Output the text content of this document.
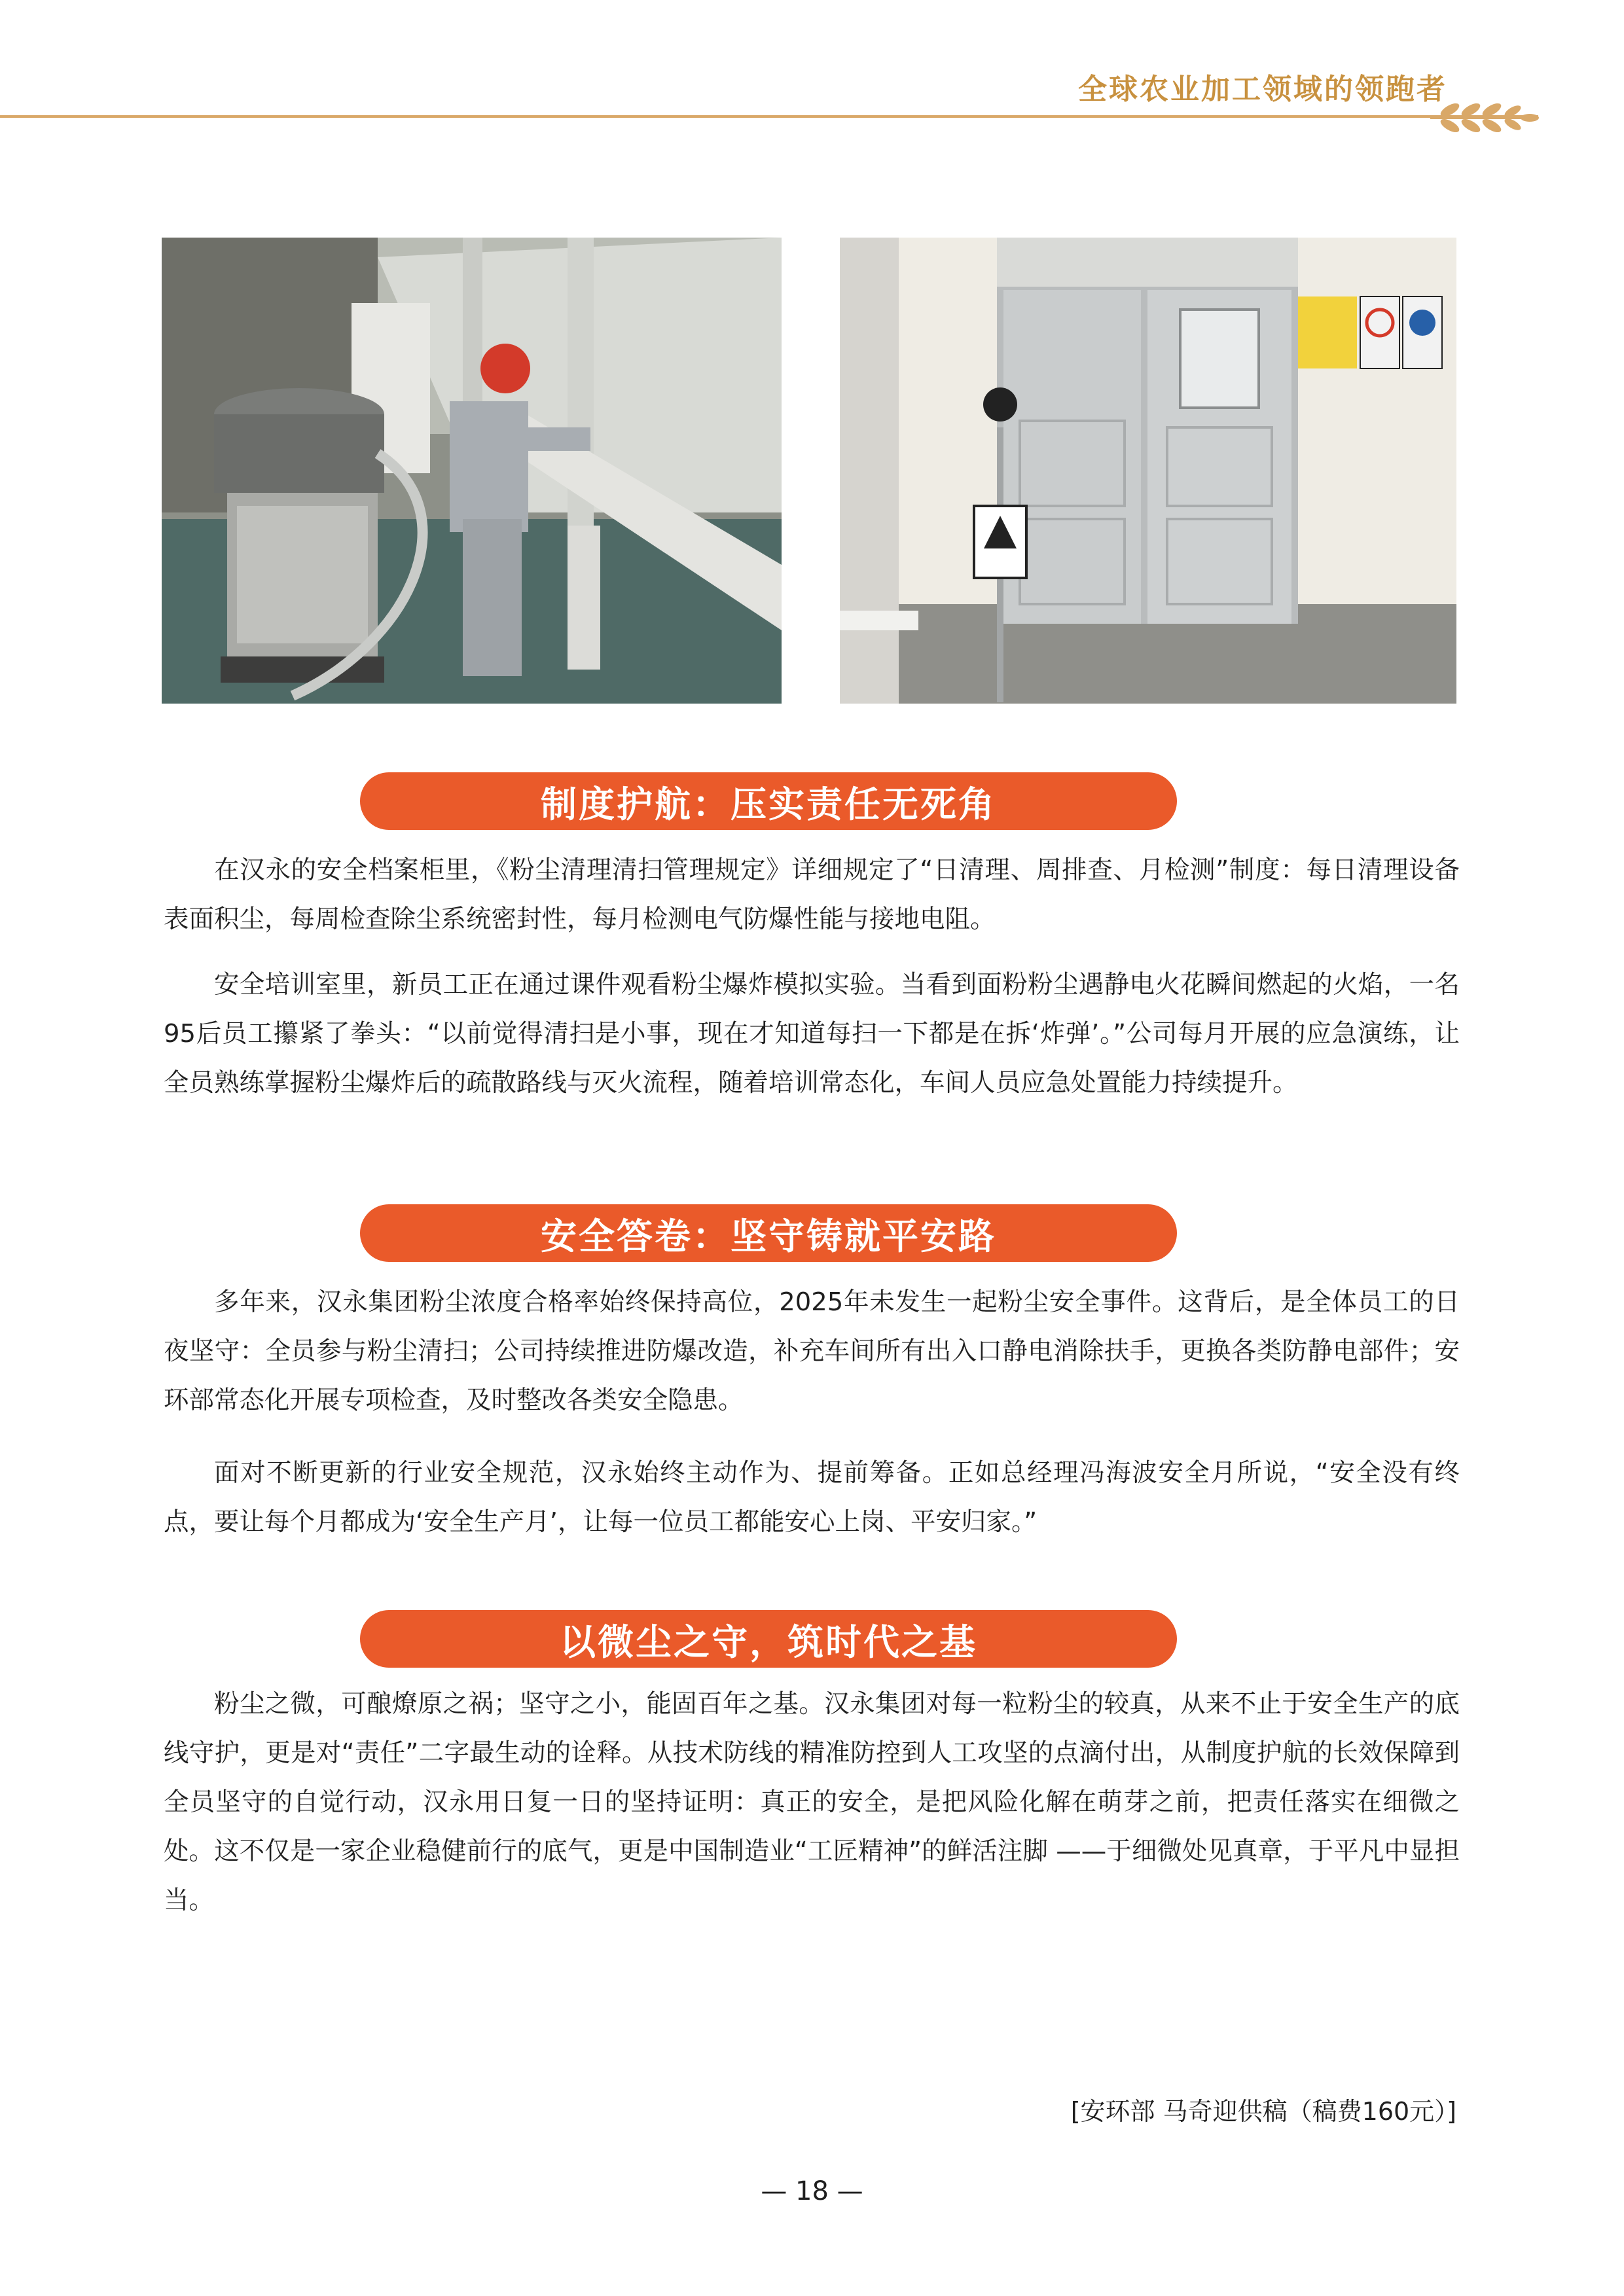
全球农业加工领域的领跑者
制度护航：压实责任无死角

在汉永的安全档案柜里，《粉尘清理清扫管理规定》详细规定了“日清理、周排查、月检测”制度：每日清理设备表面积尘，每周检查除尘系统密封性，每月检测电气防爆性能与接地电阻。

安全培训室里，新员工正在通过课件观看粉尘爆炸模拟实验。当看到面粉粉尘遇静电火花瞬间燃起的火焰，一名95后员工攥紧了拳头：“以前觉得清扫是小事，现在才知道每扫一下都是在拆‘炸弹’。”公司每月开展的应急演练，让全员熟练掌握粉尘爆炸后的疏散路线与灭火流程，随着培训常态化，车间人员应急处置能力持续提升。

安全答卷：坚守铸就平安路

多年来，汉永集团粉尘浓度合格率始终保持高位，2025年未发生一起粉尘安全事件。这背后，是全体员工的日夜坚守：全员参与粉尘清扫；公司持续推进防爆改造，补充车间所有出入口静电消除扶手，更换各类防静电部件；安环部常态化开展专项检查，及时整改各类安全隐患。

面对不断更新的行业安全规范，汉永始终主动作为、提前筹备。正如总经理冯海波安全月所说，“安全没有终点，要让每个月都成为‘安全生产月’，让每一位员工都能安心上岗、平安归家。”

以微尘之守，筑时代之基

粉尘之微，可酿燎原之祸；坚守之小，能固百年之基。汉永集团对每一粒粉尘的较真，从来不止于安全生产的底线守护，更是对“责任”二字最生动的诠释。从技术防线的精准防控到人工攻坚的点滴付出，从制度护航的长效保障到全员坚守的自觉行动，汉永用日复一日的坚持证明：真正的安全，是把风险化解在萌芽之前，把责任落实在细微之处。这不仅是一家企业稳健前行的底气，更是中国制造业“工匠精神”的鲜活注脚 ——于细微处见真章，于平凡中显担当。

[安环部 马奇迎供稿（稿费160元）]

— 18 —
